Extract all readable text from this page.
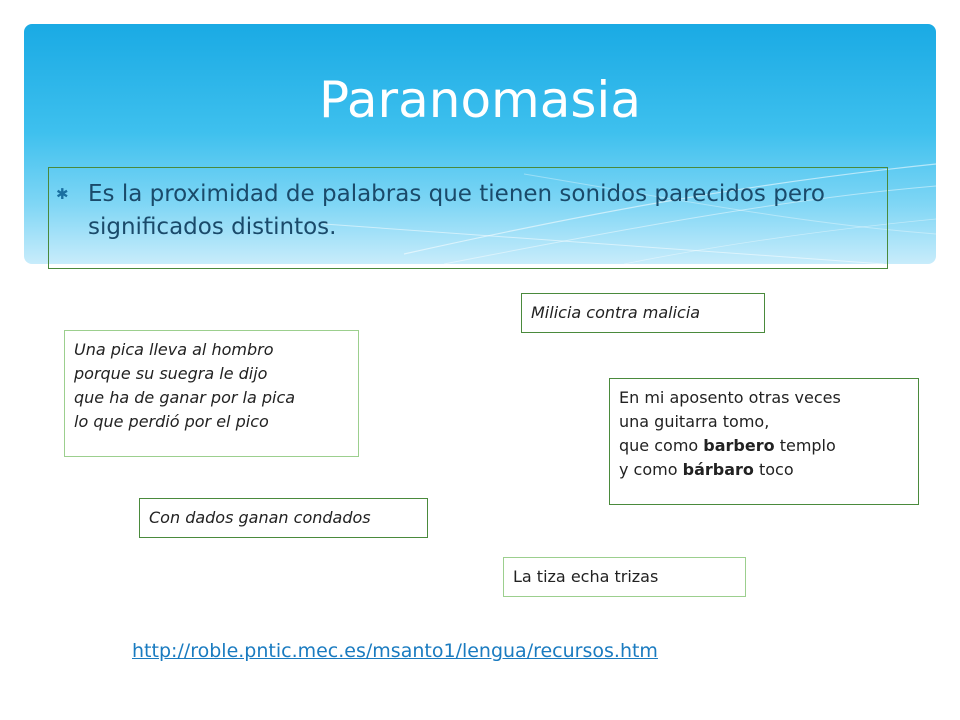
Paranomasia
✱ Es la proximidad de palabras que tienen sonidos parecidos pero significados distintos.
Milicia contra malicia
Una pica lleva al hombro
porque su suegra le dijo
que ha de ganar por la pica
lo que perdió por el pico
En mi aposento otras veces
una guitarra tomo,
que como barbero templo
y como bárbaro toco
Con dados ganan condados
La tiza echa trizas
http://roble.pntic.mec.es/msanto1/lengua/recursos.htm
